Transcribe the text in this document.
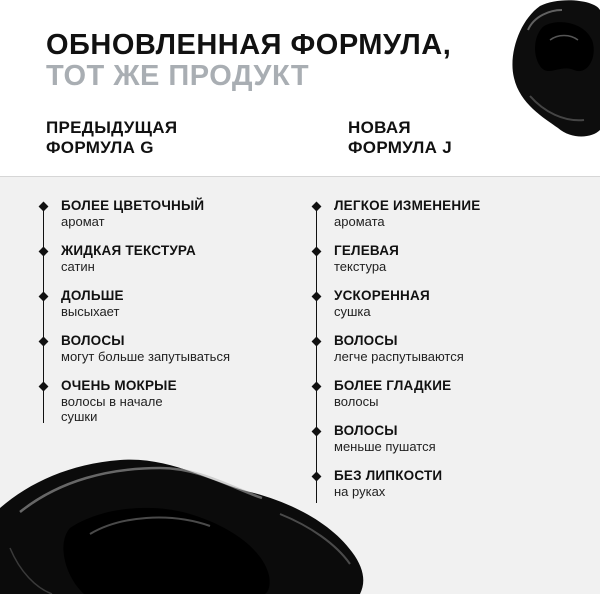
ОБНОВЛЕННАЯ ФОРМУЛА,
ТОТ ЖЕ ПРОДУКТ
ПРЕДЫДУЩАЯ
ФОРМУЛА G
НОВАЯ
ФОРМУЛА J
БОЛЕЕ ЦВЕТОЧНЫЙ
аромат
ЖИДКАЯ ТЕКСТУРА
сатин
ДОЛЬШЕ
высыхает
ВОЛОСЫ
могут больше запутываться
ОЧЕНЬ МОКРЫЕ
волосы в начале
сушки
ЛЕГКОЕ ИЗМЕНЕНИЕ
аромата
ГЕЛЕВАЯ
текстура
УСКОРЕННАЯ
сушка
ВОЛОСЫ
легче распутываются
БОЛЕЕ ГЛАДКИЕ
волосы
ВОЛОСЫ
меньше пушатся
БЕЗ ЛИПКОСТИ
на руках
